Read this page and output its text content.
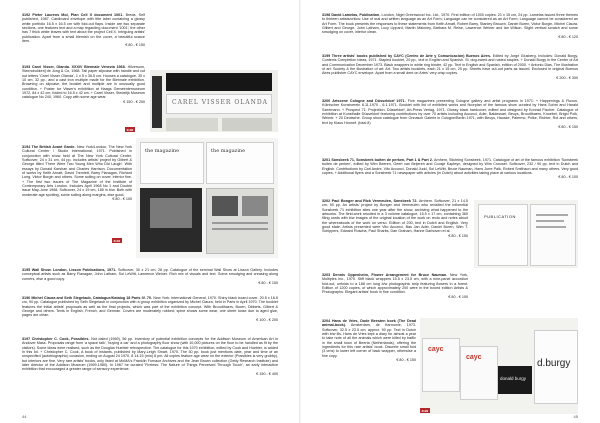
3192 Pieter Laurens Mol, Plan Cell X document 1001- Breda, Self published, 1987. Cardboard envelope with title label containing a glossy white portfolio 16.5 x 16.5 cm with fold-out flaps. Inside are two separate sections, one features text and a map regarding document '1001'; the other has 7 thick white leaves with text about the project Cell X. Intriguing artists' publication. Apart from a small blemish on the cover, a beautiful scarce item.
€ 80 - € 150
3193 Carel Visser, Olanda. XXXIV Biennale Venezia 1968- Hilversum, Steendrukkerij de Jong & Co, 1968. Tall paper slipcase with handle and cut out letters 'Carel Visser Olanda', 1 x 5 x 36.5 cm. Houses a catalogue, 30 x 10 cm, 32 pp., and a cast iron multiple made for the Biennale exhibition. Browning on slipcase, the booklet and multiple are in unusually good condition. + Poster for Visser's exhibition at Haags Gemeentemuseum 1972, 84 x 42 cm, folded to 16.5 x 42 cm. + Carel Visser, Stedelijk Museum catalogue No 240, 1960. Copy with some age wear.
€ 150 - € 250
3194 The British Avant Garde- New York/London, The New York Cultural Center / Studio International, 1971. Published in conjunction with show held at The New York Cultural Center. Softcover, 24 x 31 cm, 44 pp. Includes artists' project by Gilbert & George titled 'There Were Two Young Men Who Did Laugh'. With essays by Donald Karshan and Charles Harrison. Documentation of works by Keith Arnatt, David Tremlett, Barry Flanagan, Richard Long, Victor Burgin and others. Some soiling on cover, interior fine. + The first two issues of The Magazine of the Institute of Contemporary Arts London. Includes April 1968 No 1 and Double issue May-June 1968. Softcover, 24 x 19 cm, 185 in b/w. Both with moderate age spotting, some soiling along margins, else good.
€ 80 - € 100
3195 Wall Show. London, Lisson Publications, 1971- Softcover, 30 x 21 cm, 28 pp. Catalogue of the seminal Wall Show at Lisson Gallery. Includes conceptual artists such as Barry Flanagan, John Latham, Sol LeWitt, Lawrence Weiner. Rich mix of visuals and text. Some smudging and creasing along corners, else a good copy.
€ 80 - € 150
3196 Michel Claura and Seth Siegelaub, Catalogue/Katalog 18 Paris IV. 70- New York: International General, 1970. Shiny black board cover, 20.5 x 16.5 cm, 90 pp. Catalogue published by Seth Siegelaub in conjunction with a group exhibition organized by Michel Claura, held in Paris in April 1970. The booklet features the initial artists' proposals as well as the final projects, which was part of the exhibition concept. With Broodthaers, Buren, Dibbets, Gilbert & George and others. Texts in English, French, and German. Covers are moderately rubbed; spine shows some wear, one sheet loose due to aged glue, pages are clean.
€ 100 - € 200
3197 Christopher C. Cook, Possibles- Not dated (1969), 56 pp. Inventory of potential exhibition concepts for the Addison Museum of American Art in Andover Mass. Proposals range from 'a space talk', 'buying a car' and a photography floor show (with 10,000 pictures on the floor to be handled as fit by the visitors). Some ideas were realised, such as the Douglas Huebler retrospective. The catalogue for this 1970 exhibition, edited by Cook and Huebler, is added in this lot. + Christopher C. Cook, A book of instants, published by Mary-Leigh Smart, 1970. The 30 pp. book just mentions date, year and time of an unspecified (autobiographic) occasion, ending on August 24 1970, 8 14:15 (min) 8 pm. All copies feature age wear on the exterior (Possibles is very grubby), but interiors are fine. Very rare artists' books, only listed at MoMA's Franklin Furnace Archives and the Jean Brown collection (Getty Research Institute) and later director of the Addison Museum (1969-1980). In 1967 he curated 'Fireless: The Nature of Things Perceived Through Touch', an early interactive exhibition that encouraged a greater range of sensory experience.
€ 150 - € 400
CAREL VISSER OLANDA
3193
the magazine	the magazine
3194
44
3198 David Lamelas, Publication- London, Nigel Greenwood Inc. Ltd., 1970. First edition of 1000 copies. 21 x 15 cm, 24 pp. Lamelas issued three themes to thirteen artists/critics: Use of oral and written language as an Art Form; Language can be considered as an Art Form; Language cannot be considered an Art Form. The book presents the responses to these statements from Keith Arnatt, Robert Barry, Stanley Brouwn, Daniel Buren, Victor Burgin, Michel Claura, Gilbert and George, John Latham, Lucy Lippard, Martin Maloney, Barbara M. Reise, Lawrence Weiner and Ian Wilson. Slight vertical scratch and some smudging on cover, interior clean.
€ 80 - € 120
3199 Three artists' books published by CAYC (Centro de Arte y Comunicación) Buenos Aires- Edited by Jorge Glusberg. Includes: Donald Burgy, Contexts Completion Ideas, 1971. Stapled booklet, 20 pp., text in English and Spanish. Sl. dog-eared and rusted staples. + Donald Burgy in the Center of Art and Communication December 1973. Black wrappers in white ring binder, 42 pp. Text in English and Spanish, edition of 2000. + Antonio Dias, The Illustration of art: Society & the Illustration of art: Art. Two artists booklets, each 21 x 15 cm, 20 pp. Sheets have cut-out parts as issued. Enclosed in original Buenos Aires publisher CAYC envelope. Apart from a small dent on Artes' very crisp copies.
€ 200 - € 300
3200 Artscene Cologne and Düsseldorf 1971- Five magazines presenting Cologne gallery and artist programs in 1971: + Happenings & Fluxus. Kölnischer Kunstverein 6.11.1970 - 6.1.1971. Booklet with list of exhibited works and floorplan of the famous show curated by Hans Sohm and Harald Szeemann. + Prospect 71: Projection. Düsseldorf, Art-Press Verlag, 1971. Glossy black hardcover, edited and designed by Konrad Fischer. Catalogue of exhibition at Kunsthalle Düsseldorf featuring contributions by over 70 artists including Acconci, Ader, Baldessari, Beuys, Broodthaers, Knoebel, Brigid Polk, Weiner. + 20 Deutsche. Group show catalogue from Onnasch Galerie in Cologne/Berlin 1971, with Beuys, Hauske, Palermo, Polke, Richter, Rot and others, text by Klaus Honnef. (total 8)
€ 80 - € 150
3201 Sonsbeek 71, Sonsbeek buiten de perken, Part 1 & Part 2- Arnhem, Stichting Sonsbeek, 1971. Catalogue of art of the famous exhibition 'Sonsbeek buiten de perken', edited by Wim Beeren, Geert van Beijeren and Coosje Kapteyn, designed by Wim Crouwel. Softcover, 232 / 90 pp. text in Dutch and English. Contributions by Carl Andre, Vito Acconci, Donald Judd, Sol LeWitt, Bruce Nauman, Hans Jurre Palk, Robert Smithson and many others. Very good copies. + Additional flyers and a Sonsbeek 71 newspaper with articles (in Dutch) about activities taking place at various locations.
€ 80 - € 100
3202 Paul Bonger and Rick Vermeulen, Sonsbeek 72- Arnhem. Softcover, 21 x 14.5 cm, 90 pp. An artists' project by Bonger and Vermeulen who revisited the influential Sonsbeek 71 exhibition sites one year after the show, archiving what happened to the artworks. The field-work resulted in a 3 volume catalogue, 15.5 x 17 cm, containing 360 filing cards with b/w images of the original location of the work on recto and notes about the whereabouts of the work on verso. Edition of 200, text in Dutch and English. Very good state. Artists presented were Vito Acconci, Bas Jan Ader, Daniel Buren, Wim T. Schippers, Edward Ruscha, Paul Sharits, Dan Graham, Hanne Darboven et al.
€ 80 - € 150
3203 Dennis Oppenheim, Flower Arrangement for Bruce Nauman- New York, Multiples Inc., 1970. Stiff black wrappers 15.5 x 23.5 cm, with a nine-panel accordion fold-out, unfolds to a 188 cm long b/w photographic strip featuring flowers in a forest. Edition of 1200 copies, of which approximately 200 were in the boxed edition Artists & Photographs. Elegant artists' book in fine condition.
€ 80 - € 100
3204 Hans de Vries, Dode Beesten boek (The Dead animal-book)- Amsterdam, de Harmonie, 1973. Softcover, 32.5 x 23.5 cm, approx. 90 pp. Text in Dutch with b/w ills. Hans de Vries kept a diary for almost a year to take note of all the animals which were killed by traffic in the small town of Beerta (Netherlands), offering the ingredients for this rare artists' book. Discrete small fold (3 cms) to lower left corner of back wrapper, otherwise a fine copy.
€ 80 - € 150
PUBLICATION
cayc
cayc
donald burgy
d.burgy
3199
45
